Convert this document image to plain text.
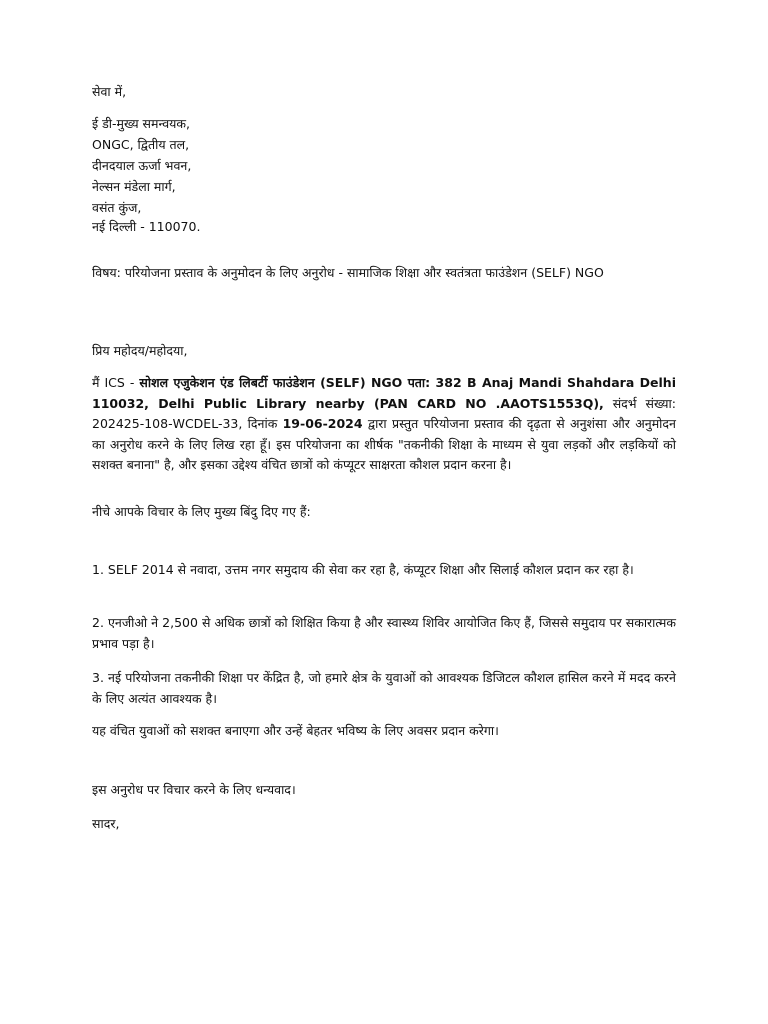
सेवा में,

ई डी-मुख्य समन्वयक,

ONGC, द्वितीय तल,

दीनदयाल ऊर्जा भवन,

नेल्सन मंडेला मार्ग,

वसंत कुंज,

नई दिल्ली - 110070.

विषय: परियोजना प्रस्ताव के अनुमोदन के लिए अनुरोध - सामाजिक शिक्षा और स्वतंत्रता फाउंडेशन (SELF) NGO

प्रिय महोदय/महोदया,

मैं ICS - सोशल एजुकेशन एंड लिबर्टी फाउंडेशन (SELF) NGO पता: 382 B Anaj Mandi Shahdara Delhi 110032, Delhi Public Library nearby (PAN CARD NO .AAOTS1553Q), संदर्भ संख्या: 202425-108-WCDEL-33, दिनांक 19-06-2024 द्वारा प्रस्तुत परियोजना प्रस्ताव की दृढ़ता से अनुशंसा और अनुमोदन का अनुरोध करने के लिए लिख रहा हूँ। इस परियोजना का शीर्षक "तकनीकी शिक्षा के माध्यम से युवा लड़कों और लड़कियों को सशक्त बनाना" है, और इसका उद्देश्य वंचित छात्रों को कंप्यूटर साक्षरता कौशल प्रदान करना है।

नीचे आपके विचार के लिए मुख्य बिंदु दिए गए हैं:

1. SELF 2014 से नवादा, उत्तम नगर समुदाय की सेवा कर रहा है, कंप्यूटर शिक्षा और सिलाई कौशल प्रदान कर रहा है।

2. एनजीओ ने 2,500 से अधिक छात्रों को शिक्षित किया है और स्वास्थ्य शिविर आयोजित किए हैं, जिससे समुदाय पर सकारात्मक प्रभाव पड़ा है।

3. नई परियोजना तकनीकी शिक्षा पर केंद्रित है, जो हमारे क्षेत्र के युवाओं को आवश्यक डिजिटल कौशल हासिल करने में मदद करने के लिए अत्यंत आवश्यक है।

यह वंचित युवाओं को सशक्त बनाएगा और उन्हें बेहतर भविष्य के लिए अवसर प्रदान करेगा।

इस अनुरोध पर विचार करने के लिए धन्यवाद।

सादर,
